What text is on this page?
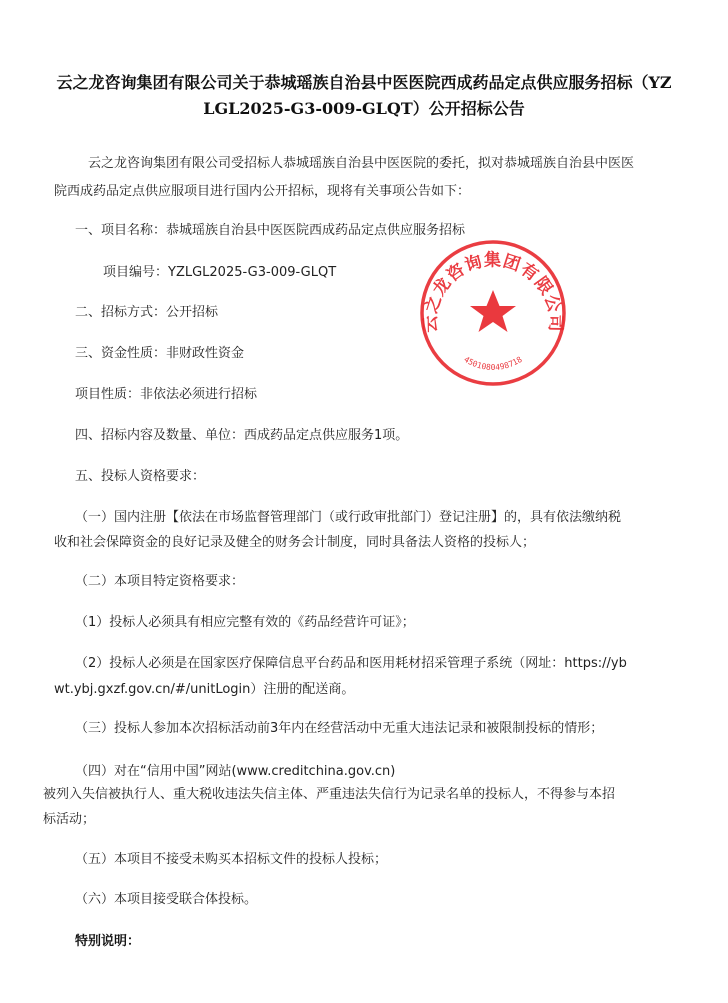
云之龙咨询集团有限公司关于恭城瑶族自治县中医医院西成药品定点供应服务招标（YZ
LGL2025-G3-009-GLQT）公开招标公告
云之龙咨询集团有限公司受招标人恭城瑶族自治县中医医院的委托，拟对恭城瑶族自治县中医医
院西成药品定点供应服项目进行国内公开招标，现将有关事项公告如下：
一、项目名称：恭城瑶族自治县中医医院西成药品定点供应服务招标
项目编号：YZLGL2025-G3-009-GLQT
二、招标方式：公开招标
三、资金性质：非财政性资金
项目性质：非依法必须进行招标
四、招标内容及数量、单位：西成药品定点供应服务1项。
五、投标人资格要求：
（一）国内注册【依法在市场监督管理部门（或行政审批部门）登记注册】的，具有依法缴纳税
收和社会保障资金的良好记录及健全的财务会计制度，同时具备法人资格的投标人；
（二）本项目特定资格要求：
（1）投标人必须具有相应完整有效的《药品经营许可证》；
（2）投标人必须是在国家医疗保障信息平台药品和医用耗材招采管理子系统（网址：https://yb
wt.ybj.gxzf.gov.cn/#/unitLogin）注册的配送商。
（三）投标人参加本次招标活动前3年内在经营活动中无重大违法记录和被限制投标的情形；
（四）对在“信用中国”网站(www.creditchina.gov.cn)
被列入失信被执行人、重大税收违法失信主体、严重违法失信行为记录名单的投标人，不得参与本招
标活动；
（五）本项目不接受未购买本招标文件的投标人投标；
（六）本项目接受联合体投标。
特别说明：
云之龙咨询集团有限公司
4501080498718
